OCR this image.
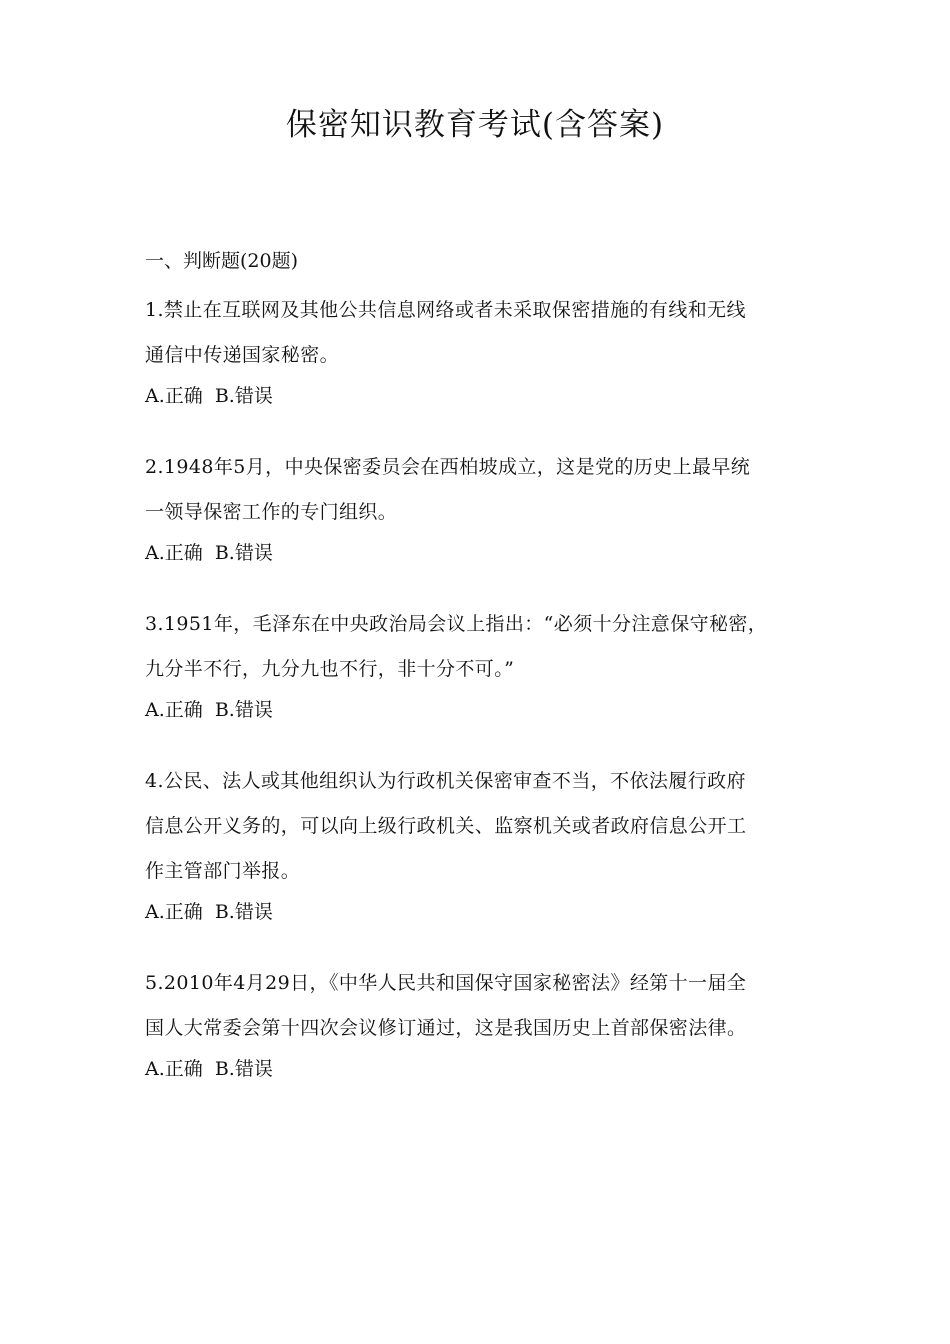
保密知识教育考试(含答案)

一、判断题(20题)

1.禁止在互联网及其他公共信息网络或者未采取保密措施的有线和无线

通信中传递国家秘密。

A.正确  B.错误

2.1948年5月，中央保密委员会在西柏坡成立，这是党的历史上最早统

一领导保密工作的专门组织。

A.正确  B.错误

3.1951年，毛泽东在中央政治局会议上指出：“必须十分注意保守秘密，

九分半不行，九分九也不行，非十分不可。”

A.正确  B.错误

4.公民、法人或其他组织认为行政机关保密审查不当，不依法履行政府

信息公开义务的，可以向上级行政机关、监察机关或者政府信息公开工

作主管部门举报。

A.正确  B.错误

5.2010年4月29日，《中华人民共和国保守国家秘密法》经第十一届全

国人大常委会第十四次会议修订通过，这是我国历史上首部保密法律。

A.正确  B.错误
